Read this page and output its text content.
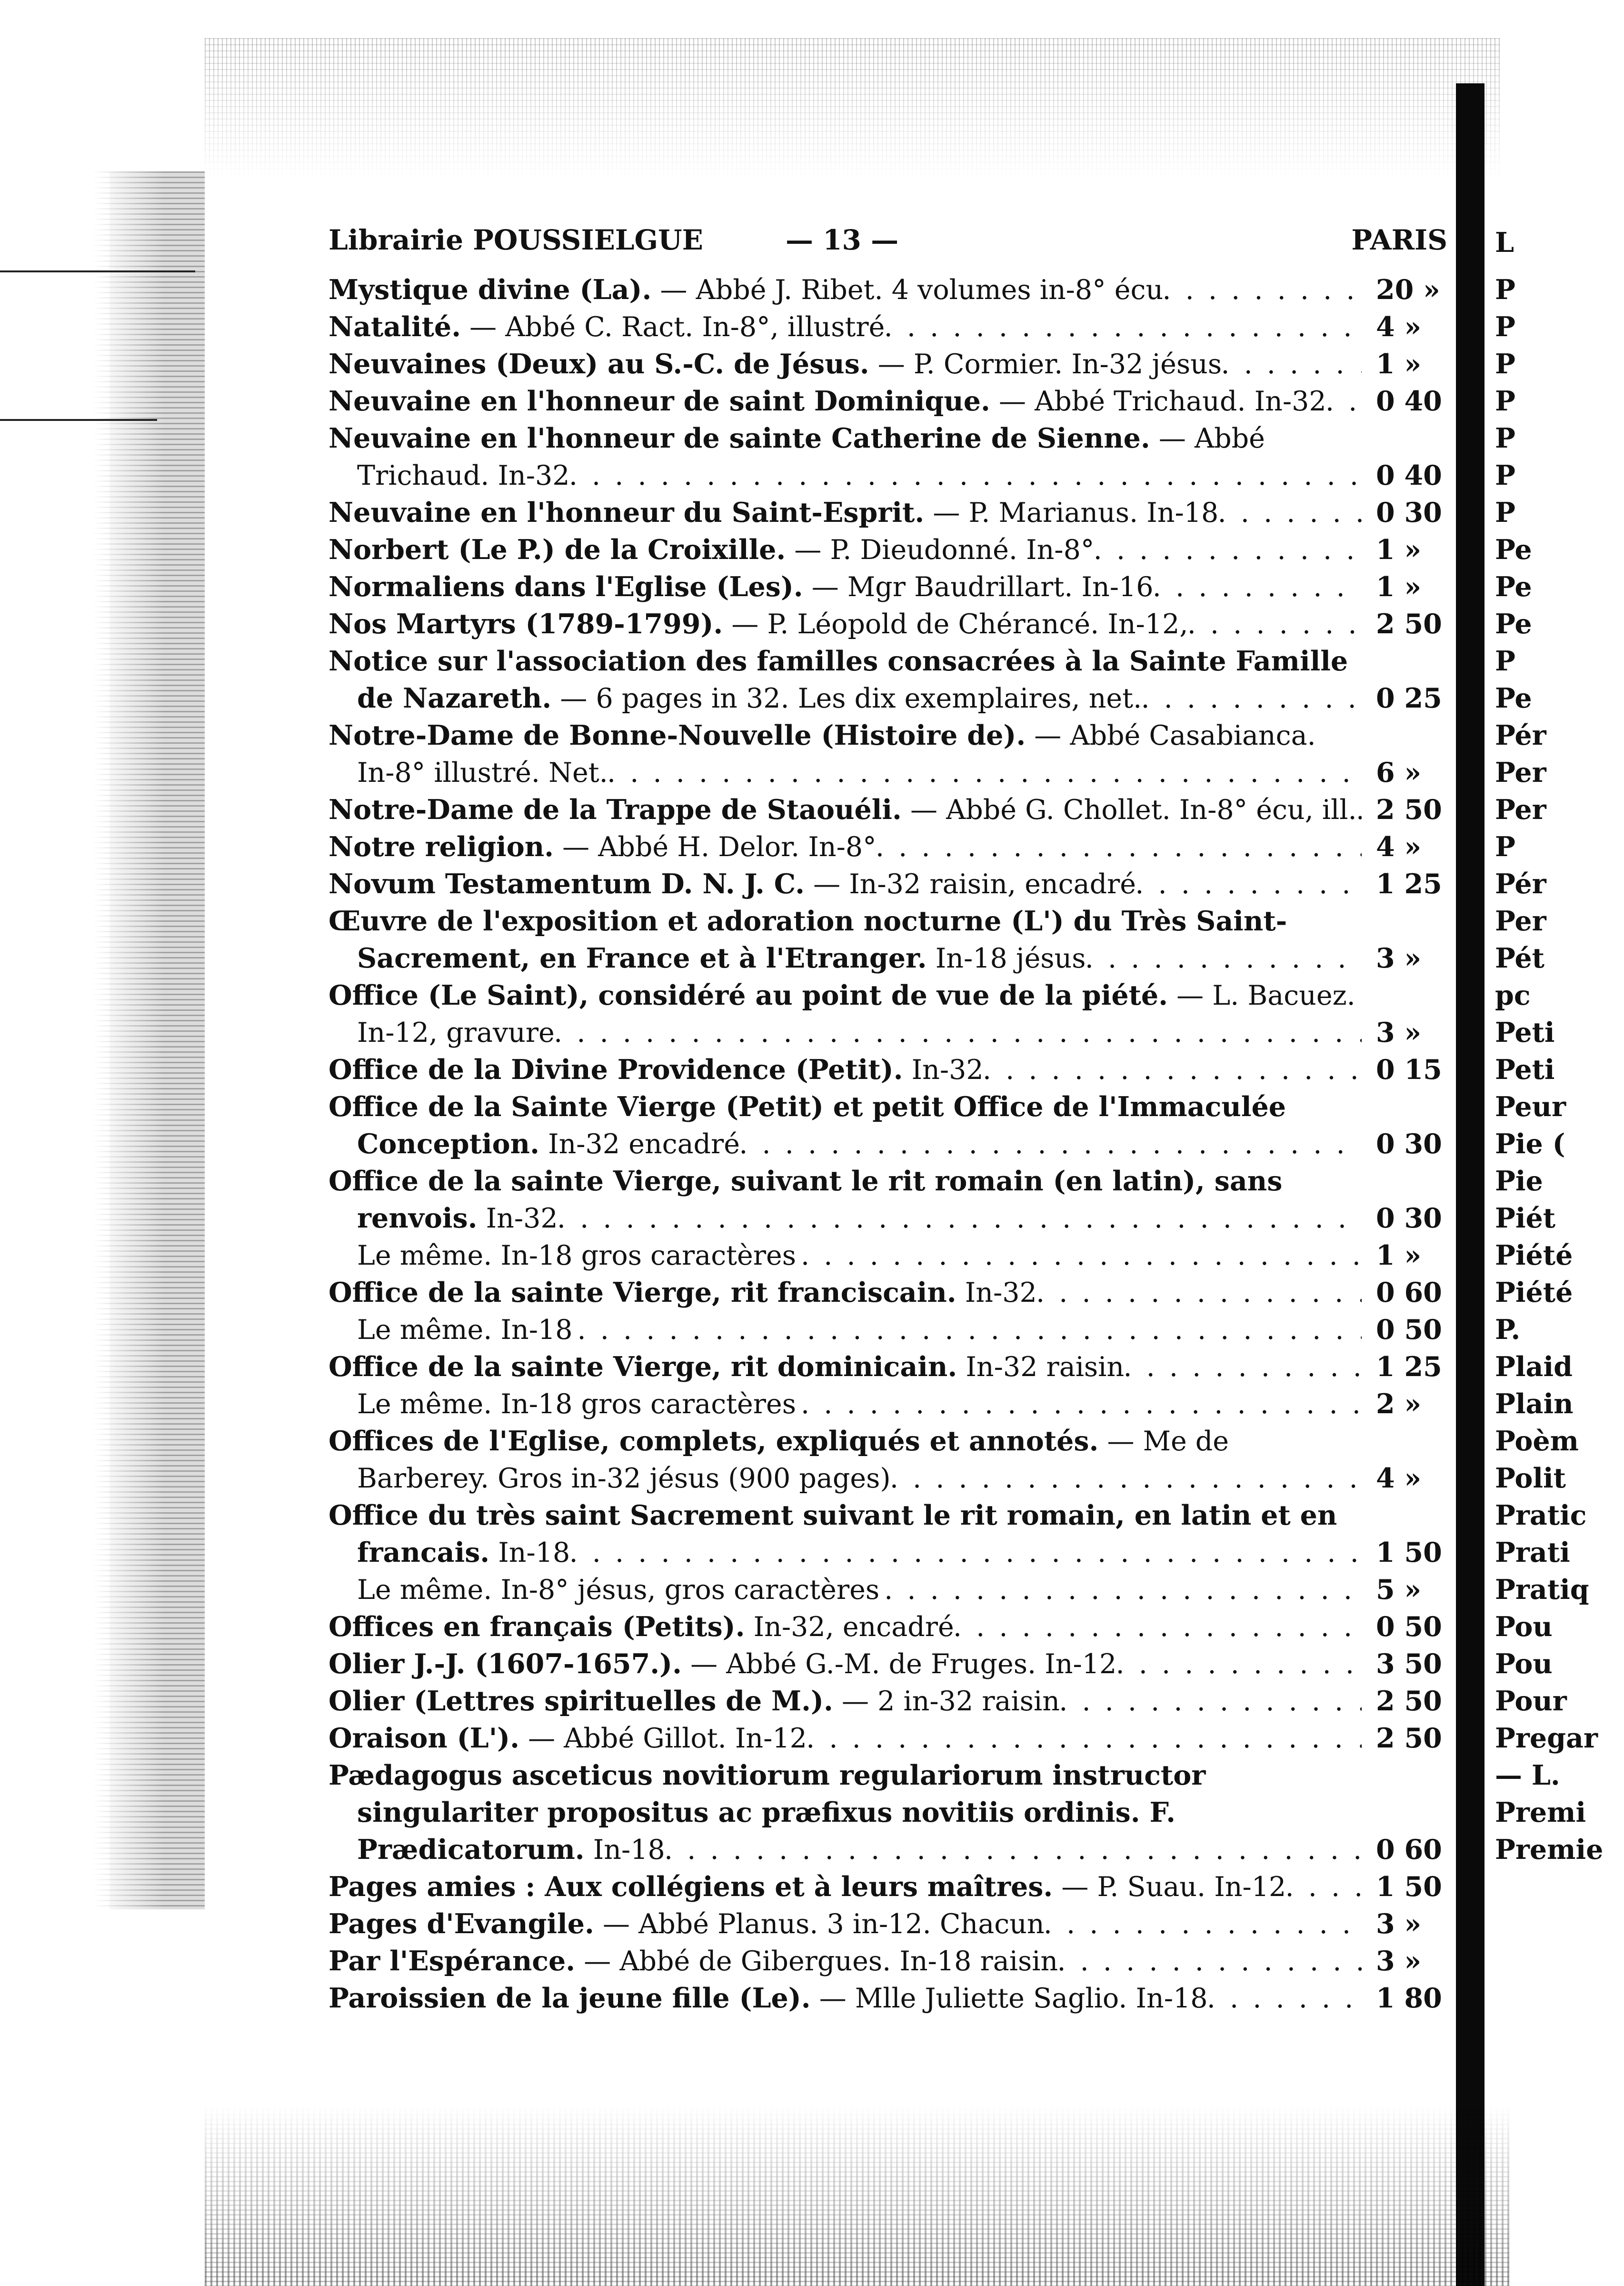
Librairie POUSSIELGUE	— 13 —	PARIS
Mystique divine (La). — Abbé J. Ribet. 4 volumes in-8° écu . . .	20 »
Natalité. — Abbé C. Ract. In-8°, illustré . . .	4 »
Neuvaines (Deux) au S.-C. de Jésus. — P. Cormier. In-32 jésus . . .	1 »
Neuvaine en l'honneur de saint Dominique. — Abbé Trichaud. In-32 . . .	0 40
Neuvaine en l'honneur de sainte Catherine de Sienne. — Abbé Trichaud. In-32 . . .	0 40
Neuvaine en l'honneur du Saint-Esprit. — P. Marianus. In-18 . . .	0 30
Norbert (Le P.) de la Croixille. — P. Dieudonné. In-8° . . .	1 »
Normaliens dans l'Eglise (Les). — Mgr Baudrillart. In-16 . . .	1 »
Nos Martyrs (1789-1799). — P. Léopold de Chérancé. In-12, . . .	2 50
Notice sur l'association des familles consacrées à la Sainte Famille de Nazareth. — 6 pages in 32. Les dix exemplaires, net. . . .	0 25
Notre-Dame de Bonne-Nouvelle (Histoire de). — Abbé Casabianca. In-8° illustré. Net. . . .	6 »
Notre-Dame de la Trappe de Staouéli. — Abbé G. Chollet. In-8° écu, ill. . . . 2 50
Notre religion. — Abbé H. Delor. In-8° . . .	4 »
Novum Testamentum D. N. J. C. — In-32 raisin, encadré . . .	1 25
Œuvre de l'exposition et adoration nocturne (L') du Très Saint-Sacrement, en France et à l'Etranger. In-18 jésus . . .	3 »
Office (Le Saint), considéré au point de vue de la piété. — L. Bacuez. In-12, gravure . . .	3 »
Office de la Divine Providence (Petit). In-32 . . .	0 15
Office de la Sainte Vierge (Petit) et petit Office de l'Immaculée Conception. In-32 encadré . . .	0 30
Office de la sainte Vierge, suivant le rit romain (en latin), sans renvois. In-32 . . .	0 30
Le même. In-18 gros caractères . . .	1 »
Office de la sainte Vierge, rit franciscain. In-32 . . .	0 60
Le même. In-18 . . .	0 50
Office de la sainte Vierge, rit dominicain. In-32 raisin . . .	1 25
Le même. In-18 gros caractères . . .	2 »
Offices de l'Eglise, complets, expliqués et annotés. — Me de Barberey. Gros in-32 jésus (900 pages) . . .	4 »
Office du très saint Sacrement suivant le rit romain, en latin et en francais. In-18 . . .	1 50
Le même. In-8° jésus, gros caractères . . .	5 »
Offices en français (Petits). In-32, encadré . . .	0 50
Olier J.-J. (1607-1657.). — Abbé G.-M. de Fruges. In-12 . . .	3 50
Olier (Lettres spirituelles de M.). — 2 in-32 raisin . . .	2 50
Oraison (L'). — Abbé Gillot. In-12 . . .	2 50
Pædagogus asceticus novitiorum regulariorum instructor singulariter propositus ac præfixus novitiis ordinis. F. Prædicatorum. In-18 . . .	0 60
Pages amies : Aux collégiens et à leurs maîtres. — P. Suau. In-12 . . .	1 50
Pages d'Evangile. — Abbé Planus. 3 in-12. Chacun . . .	3 »
Par l'Espérance. — Abbé de Gibergues. In-18 raisin . . .	3 »
Paroissien de la jeune fille (Le). — Mlle Juliette Saglio. In-18 . . .	1 80
L
P
P
P
P
P
P
P
Pe
Pe
Pe
P
Pe
Pér
Per
Per
P
Pér
Per
Pét
pc
Peti
Peti
Peur
Pie (
Pie
Piét
Piété
Piété
P.
Plaid
Plain
Poèm
Polit
Pratic
Prati
Pratiq
Pou
Pou
Pour
Pregar
— L.
Premi
Premie
